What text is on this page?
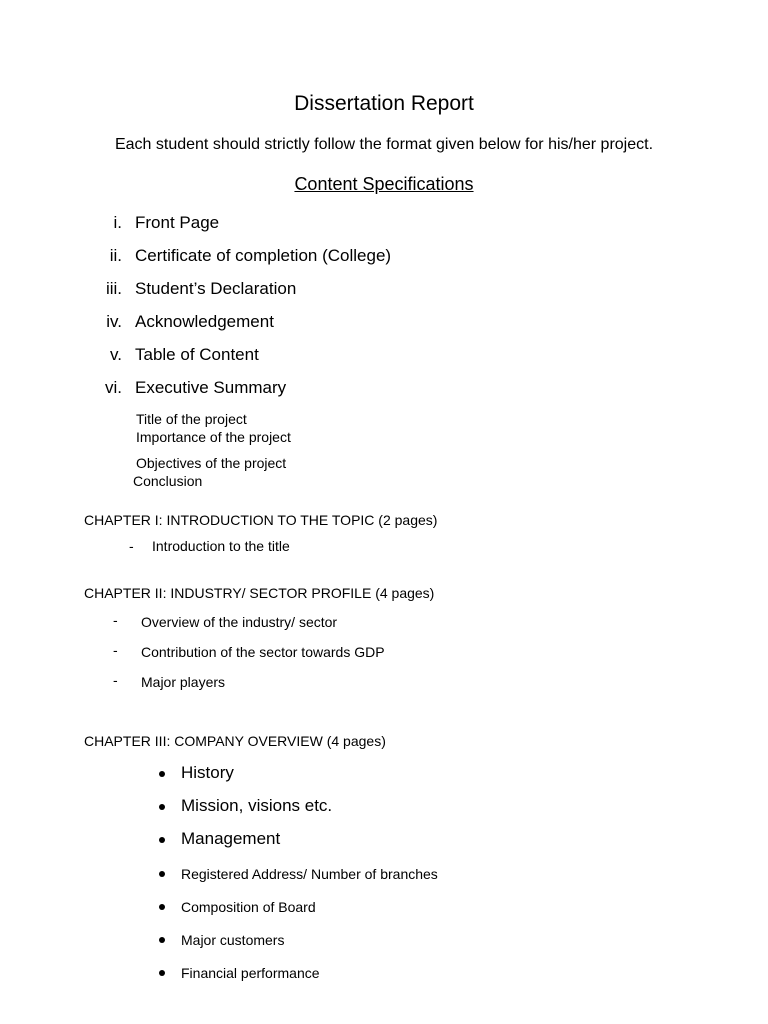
Dissertation Report
Each student should strictly follow the format given below for his/her project.
Content Specifications
i. Front Page
ii. Certificate of completion (College)
iii. Student’s Declaration
iv. Acknowledgement
v. Table of Content
vi. Executive Summary
Title of the project
Importance of the project
Objectives of the project
Conclusion
CHAPTER I: INTRODUCTION TO THE TOPIC (2 pages)
- Introduction to the title
CHAPTER II: INDUSTRY/ SECTOR PROFILE (4 pages)
- Overview of the industry/ sector
- Contribution of the sector towards GDP
- Major players
CHAPTER III: COMPANY OVERVIEW (4 pages)
History
Mission, visions etc.
Management
Registered Address/ Number of branches
Composition of Board
Major customers
Financial performance
